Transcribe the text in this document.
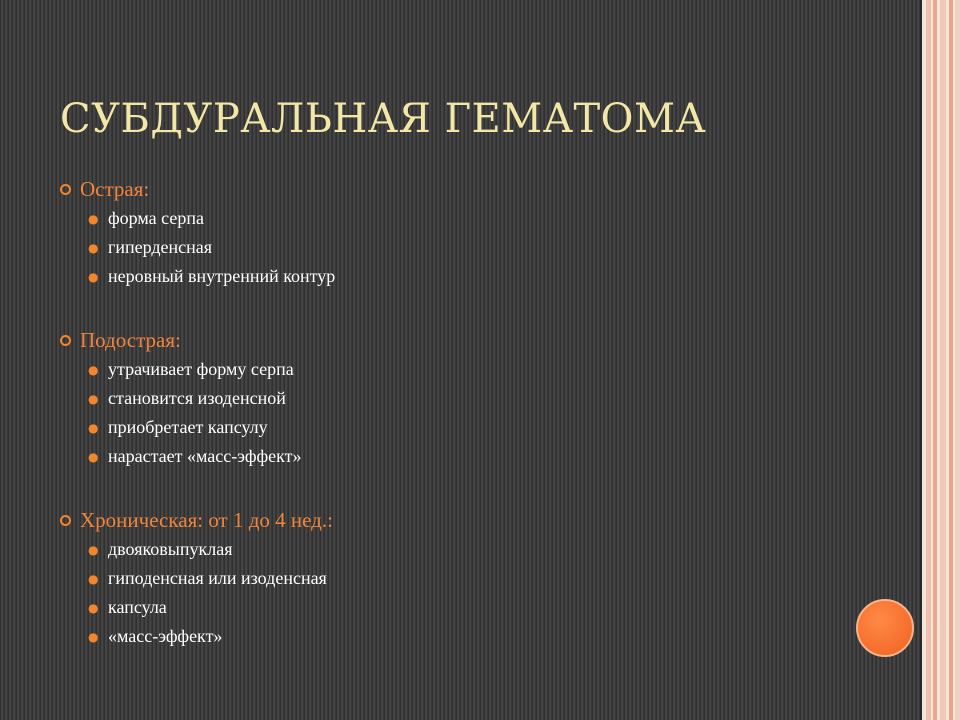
СУБДУРАЛЬНАЯ ГЕМАТОМА
Острая:
● форма серпа
● гиперденсная
● неровный внутренний контур
Подострая:
● утрачивает форму серпа
● становится изоденсной
● приобретает капсулу
● нарастает «масс-эффект»
Хроническая: от 1 до 4 нед.:
● двояковыпуклая
● гиподенсная или изоденсная
● капсула
● «масс-эффект»
